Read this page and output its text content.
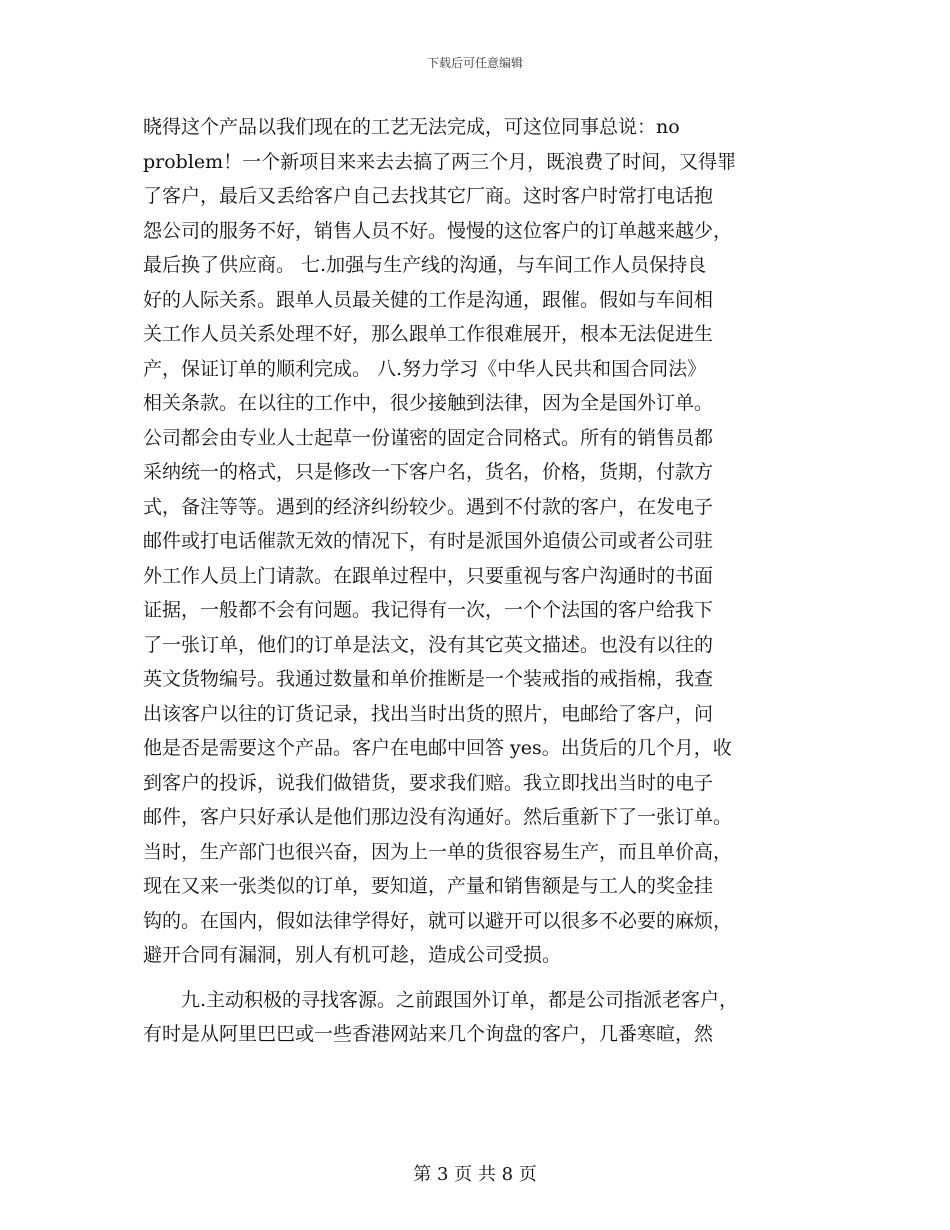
下载后可任意编辑
晓得这个产品以我们现在的工艺无法完成，可这位同事总说：no
problem！一个新项目来来去去搞了两三个月，既浪费了时间，又得罪
了客户，最后又丢给客户自己去找其它厂商。这时客户时常打电话抱
怨公司的服务不好，销售人员不好。慢慢的这位客户的订单越来越少，
最后换了供应商。 七.加强与生产线的沟通，与车间工作人员保持良
好的人际关系。跟单人员最关健的工作是沟通，跟催。假如与车间相
关工作人员关系处理不好，那么跟单工作很难展开，根本无法促进生
产，保证订单的顺利完成。 八.努力学习《中华人民共和国合同法》
相关条款。在以往的工作中，很少接触到法律，因为全是国外订单。
公司都会由专业人士起草一份谨密的固定合同格式。所有的销售员都
采纳统一的格式，只是修改一下客户名，货名，价格，货期，付款方
式，备注等等。遇到的经济纠纷较少。遇到不付款的客户，在发电子
邮件或打电话催款无效的情况下，有时是派国外追债公司或者公司驻
外工作人员上门请款。在跟单过程中，只要重视与客户沟通时的书面
证据，一般都不会有问题。我记得有一次，一个个法国的客户给我下
了一张订单，他们的订单是法文，没有其它英文描述。也没有以往的
英文货物编号。我通过数量和单价推断是一个装戒指的戒指棉，我查
出该客户以往的订货记录，找出当时出货的照片，电邮给了客户，问
他是否是需要这个产品。客户在电邮中回答 yes。出货后的几个月，收
到客户的投诉，说我们做错货，要求我们赔。我立即找出当时的电子
邮件，客户只好承认是他们那边没有沟通好。然后重新下了一张订单。
当时，生产部门也很兴奋，因为上一单的货很容易生产，而且单价高，
现在又来一张类似的订单，要知道，产量和销售额是与工人的奖金挂
钩的。在国内，假如法律学得好，就可以避开可以很多不必要的麻烦，
避开合同有漏洞，别人有机可趁，造成公司受损。
九.主动积极的寻找客源。之前跟国外订单，都是公司指派老客户，
有时是从阿里巴巴或一些香港网站来几个询盘的客户，几番寒暄，然
第 3 页 共 8 页
